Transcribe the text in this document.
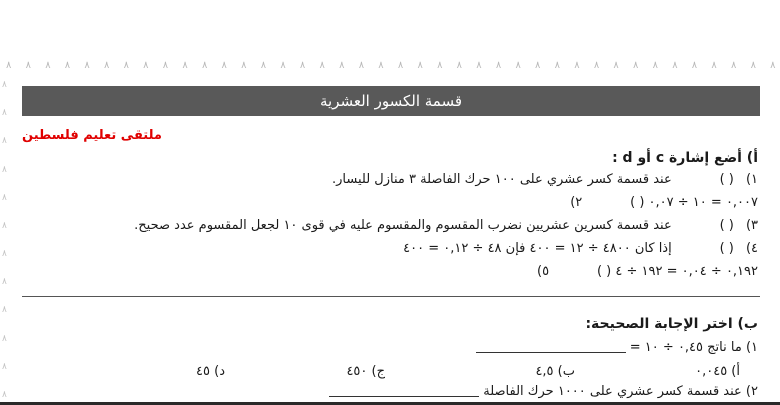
٨ ٨ ٨ ٨ ٨ ٨ ٨ ٨ ٨ ٨ ٨ ٨ ٨ ٨ ٨ ٨ ٨ ٨ ٨ ٨ ٨ ٨ ٨ ٨ ٨ ٨ ٨ ٨ ٨ ٨ ٨ ٨ ٨ ٨ ٨ ٨ ٨ ٨ ٨ ٨
٨
٨
٨
٨
٨
٨
٨
٨
٨
٨
٨
٨
قسمة الكسور العشرية
ملتقى تعليم فلسطين
أ) أضع إشارة c أو d :
١) ( ) عند قسمة كسر عشري على ١٠٠ حرك الفاصلة ٣ منازل لليسار.
٢)	( ) ٠,٠٠٧ = ١٠ ÷ ٠,٠٧
٣) ( ) عند قسمة كسرين عشريين نضرب المقسوم والمقسوم عليه في قوى ١٠ لجعل المقسوم عدد صحيح.
٤) ( ) إذا كان ٤٨٠٠ ÷ ١٢ = ٤٠٠ فإن ٤٨ ÷ ٠,١٢ = ٤٠٠
٥)	( ) ٠,١٩٢ ÷ ٠,٠٤ = ١٩٢ ÷ ٤
ب) اختر الإجابة الصحيحة:
١) ما ناتج ٠,٤٥ ÷ ١٠ =
أ) ٠,٠٤٥
ب) ٤,٥
ج) ٤٥٠
د) ٤٥
٢) عند قسمة كسر عشري على ١٠٠٠ حرك الفاصلة
